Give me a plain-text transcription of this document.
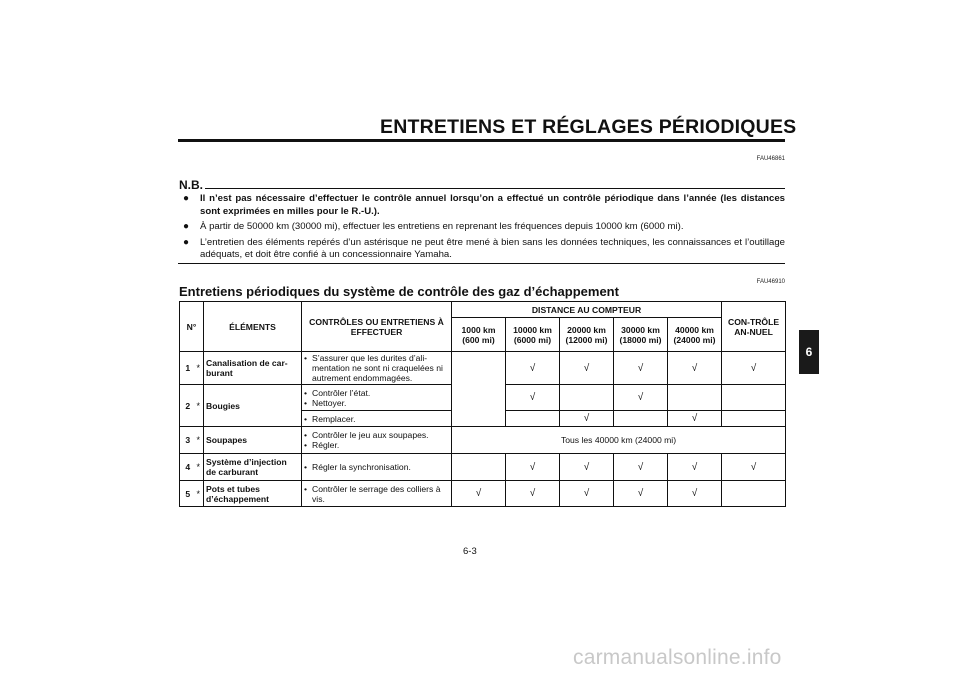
ENTRETIENS ET RÉGLAGES PÉRIODIQUES
FAU46861
6
N.B.
●	Il n’est pas nécessaire d’effectuer le contrôle annuel lorsqu’on a effectué un contrôle périodique dans l’année (les distances sont exprimées en milles pour le R.-U.).
●	À partir de 50000 km (30000 mi), effectuer les entretiens en reprenant les fréquences depuis 10000 km (6000 mi).
●	L’entretien des éléments repérés d’un astérisque ne peut être mené à bien sans les données techniques, les connaissances et l’outillage adéquats, et doit être confié à un concessionnaire Yamaha.
FAU46910
Entretiens périodiques du système de contrôle des gaz d’échappement
N°		ÉLÉMENTS	CONTRÔLES OU ENTRETIENS À EFFECTUER	DISTANCE AU COMPTEUR					CON-TRÔLE AN-NUEL
				1000 km (600 mi)	10000 km (6000 mi)	20000 km (12000 mi)	30000 km (18000 mi)	40000 km (24000 mi)	
1	*	Canalisation de car-burant	• S’assurer que les durites d’ali-mentation ne sont ni craquelées ni autrement endommagées.		√	√	√	√	√
2	*	Bougies	• Contrôler l’état.
• Nettoyer.		√		√		

			• Remplacer.			√		√	
3	*	Soupapes	• Contrôler le jeu aux soupapes.
• Régler.	Tous les 40000 km (24000 mi)					
4	*	Système d’injection de carburant	• Régler la synchronisation.		√	√	√	√	√
5	*	Pots et tubes d’échappement	• Contrôler le serrage des colliers à vis.	√	√	√	√	√	
6-3
carmanualsonline.info
